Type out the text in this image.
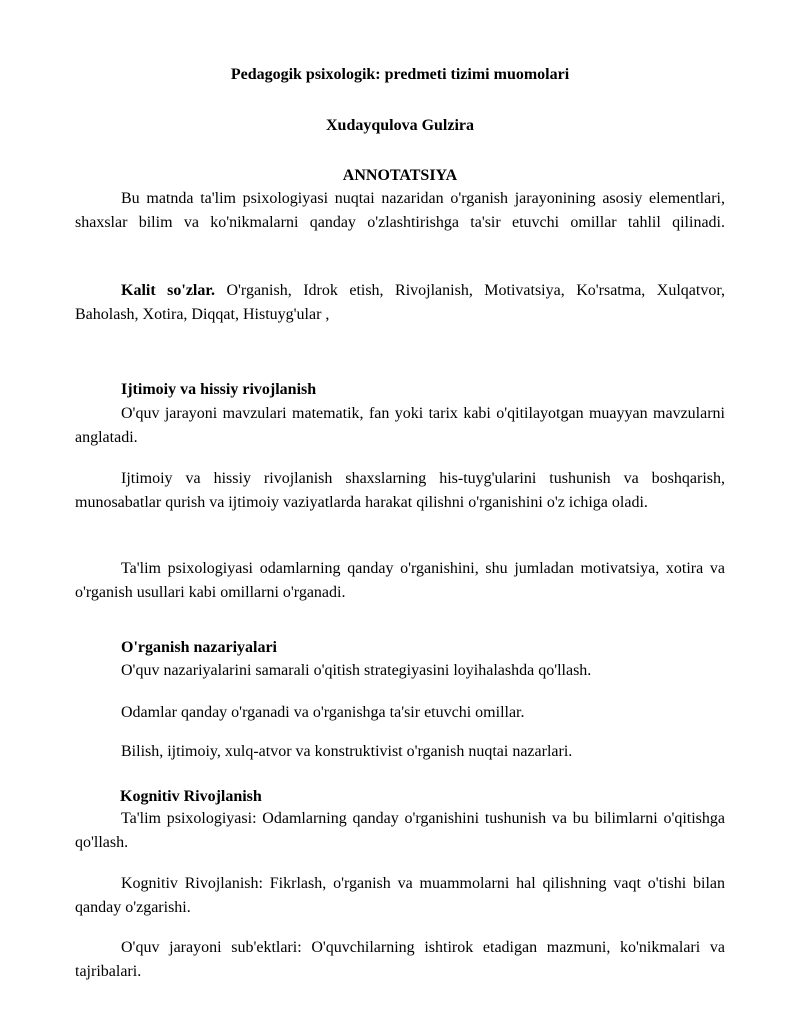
Pedagogik psixologik: predmeti tizimi muomolari
Xudayqulova Gulzira
ANNOTATSIYA

Bu matnda ta'lim psixologiyasi nuqtai nazaridan o'rganish jarayonining asosiy elementlari, shaxslar bilim va ko'nikmalarni qanday o'zlashtirishga ta'sir etuvchi omillar tahlil qilinadi.

Kalit so'zlar. O'rganish, Idrok etish, Rivojlanish, Motivatsiya, Ko'rsatma, Xulqatvor, Baholash, Xotira, Diqqat, Histuyg'ular ,

Ijtimoiy va hissiy rivojlanish

O'quv jarayoni mavzulari matematik, fan yoki tarix kabi o'qitilayotgan muayyan mavzularni anglatadi.

Ijtimoiy va hissiy rivojlanish shaxslarning his-tuyg'ularini tushunish va boshqarish, munosabatlar qurish va ijtimoiy vaziyatlarda harakat qilishni o'rganishini o'z ichiga oladi.

Ta'lim psixologiyasi odamlarning qanday o'rganishini, shu jumladan motivatsiya, xotira va o'rganish usullari kabi omillarni o'rganadi.

O'rganish nazariyalari

O'quv nazariyalarini samarali o'qitish strategiyasini loyihalashda qo'llash.

Odamlar qanday o'rganadi va o'rganishga ta'sir etuvchi omillar.

Bilish, ijtimoiy, xulq-atvor va konstruktivist o'rganish nuqtai nazarlari.

Kognitiv Rivojlanish

Ta'lim psixologiyasi: Odamlarning qanday o'rganishini tushunish va bu bilimlarni o'qitishga qo'llash.

Kognitiv Rivojlanish: Fikrlash, o'rganish va muammolarni hal qilishning vaqt o'tishi bilan qanday o'zgarishi.

O'quv jarayoni sub'ektlari: O'quvchilarning ishtirok etadigan mazmuni, ko'nikmalari va tajribalari.
